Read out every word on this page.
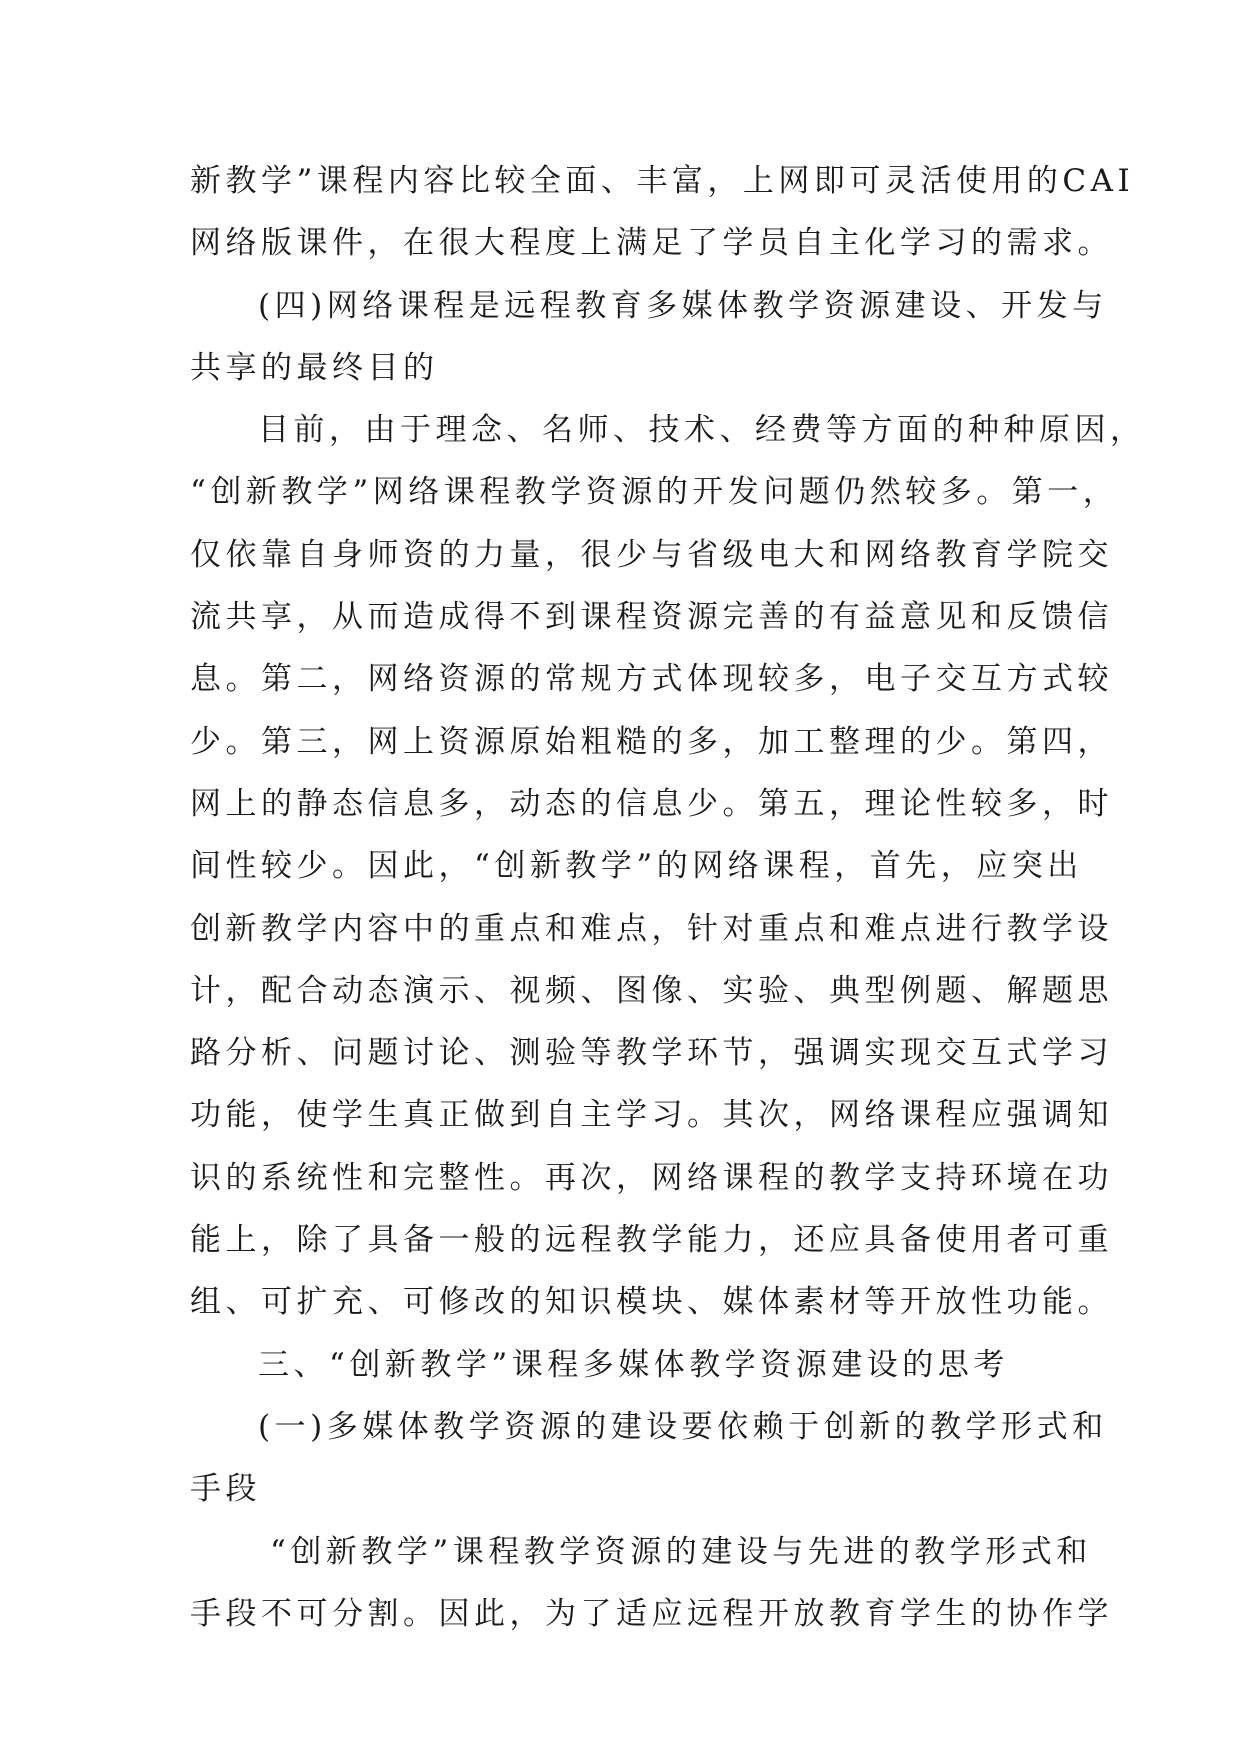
新教学”课程内容比较全面、丰富，上网即可灵活使用的CAI
网络版课件，在很大程度上满足了学员自主化学习的需求。
(四)网络课程是远程教育多媒体教学资源建设、开发与
共享的最终目的
目前，由于理念、名师、技术、经费等方面的种种原因，
“创新教学”网络课程教学资源的开发问题仍然较多。第一，
仅依靠自身师资的力量，很少与省级电大和网络教育学院交
流共享，从而造成得不到课程资源完善的有益意见和反馈信
息。第二，网络资源的常规方式体现较多，电子交互方式较
少。第三，网上资源原始粗糙的多，加工整理的少。第四，
网上的静态信息多，动态的信息少。第五，理论性较多，时
间性较少。因此，“创新教学”的网络课程，首先，应突出
创新教学内容中的重点和难点，针对重点和难点进行教学设
计，配合动态演示、视频、图像、实验、典型例题、解题思
路分析、问题讨论、测验等教学环节，强调实现交互式学习
功能，使学生真正做到自主学习。其次，网络课程应强调知
识的系统性和完整性。再次，网络课程的教学支持环境在功
能上，除了具备一般的远程教学能力，还应具备使用者可重
组、可扩充、可修改的知识模块、媒体素材等开放性功能。
三、“创新教学”课程多媒体教学资源建设的思考
(一)多媒体教学资源的建设要依赖于创新的教学形式和
手段
“创新教学”课程教学资源的建设与先进的教学形式和
手段不可分割。因此，为了适应远程开放教育学生的协作学
